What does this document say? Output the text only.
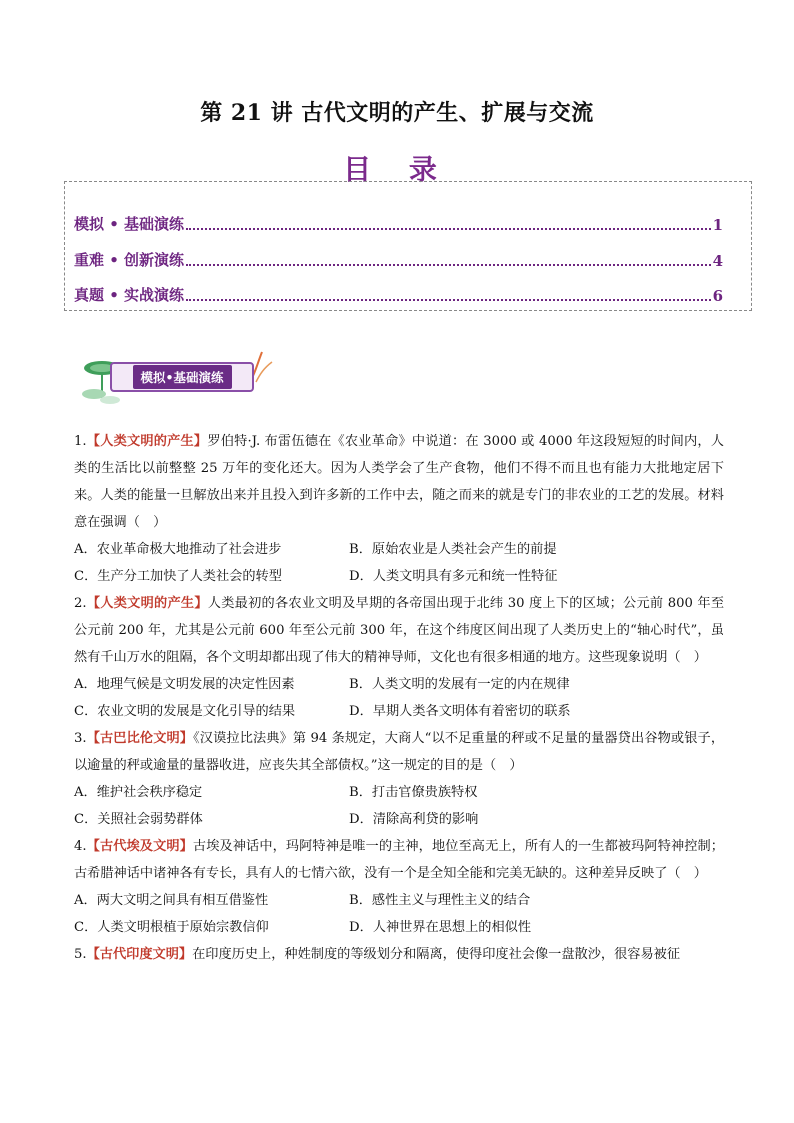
第 21 讲 古代文明的产生、扩展与交流
目 录
模拟 • 基础演练	1
重难 • 创新演练	4
真题 • 实战演练	6
模拟•基础演练
1.【人类文明的产生】罗伯特·J. 布雷伍德在《农业革命》中说道：在 3000 或 4000 年这段短短的时间内，人类的生活比以前整整 25 万年的变化还大。因为人类学会了生产食物，他们不得不而且也有能力大批地定居下来。人类的能量一旦解放出来并且投入到许多新的工作中去，随之而来的就是专门的非农业的工艺的发展。材料意在强调（　）
A．农业革命极大地推动了社会进步	B．原始农业是人类社会产生的前提
C．生产分工加快了人类社会的转型	D．人类文明具有多元和统一性特征
2.【人类文明的产生】人类最初的各农业文明及早期的各帝国出现于北纬 30 度上下的区域；公元前 800 年至公元前 200 年，尤其是公元前 600 年至公元前 300 年，在这个纬度区间出现了人类历史上的“轴心时代”，虽然有千山万水的阻隔，各个文明却都出现了伟大的精神导师，文化也有很多相通的地方。这些现象说明（　）
A．地理气候是文明发展的决定性因素	B．人类文明的发展有一定的内在规律
C．农业文明的发展是文化引导的结果	D．早期人类各文明体有着密切的联系
3.【古巴比伦文明】《汉谟拉比法典》第 94 条规定，大商人“以不足重量的秤或不足量的量器贷出谷物或银子，以逾量的秤或逾量的量器收进，应丧失其全部债权。”这一规定的目的是（　）
A．维护社会秩序稳定	B．打击官僚贵族特权
C．关照社会弱势群体	D．清除高利贷的影响
4.【古代埃及文明】古埃及神话中，玛阿特神是唯一的主神，地位至高无上，所有人的一生都被玛阿特神控制；古希腊神话中诸神各有专长，具有人的七情六欲，没有一个是全知全能和完美无缺的。这种差异反映了（　）
A．两大文明之间具有相互借鉴性	B．感性主义与理性主义的结合
C．人类文明根植于原始宗教信仰	D．人神世界在思想上的相似性
5.【古代印度文明】在印度历史上，种姓制度的等级划分和隔离，使得印度社会像一盘散沙，很容易被征
